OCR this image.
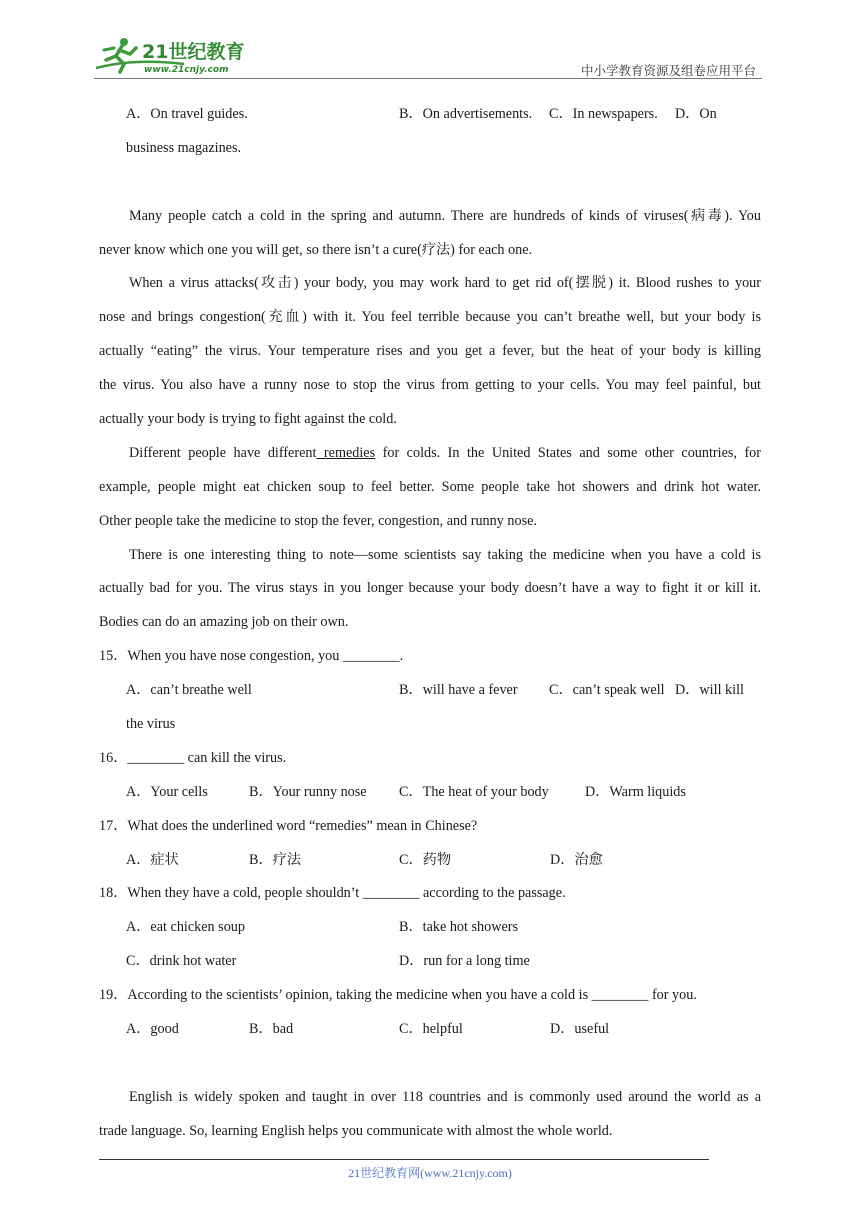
21世纪教育
www.21cnjy.com	中小学教育资源及组卷应用平台
A．On travel guides.	B．On advertisements. C．In newspapers. D．On
business magazines.
Many people catch a cold in the spring and autumn. There are hundreds of kinds of viruses(病毒). You
never know which one you will get, so there isn’t a cure(疗法) for each one.
When a virus attacks(攻击) your body, you may work hard to get rid of(摆脱) it. Blood rushes to your
nose and brings congestion(充血) with it. You feel terrible because you can’t breathe well, but your body is
actually “eating” the virus. Your temperature rises and you get a fever, but the heat of your body is killing
the virus. You also have a runny nose to stop the virus from getting to your cells. You may feel painful, but
actually your body is trying to fight against the cold.
Different people have different remedies for colds. In the United States and some other countries, for
example, people might eat chicken soup to feel better. Some people take hot showers and drink hot water.
Other people take the medicine to stop the fever, congestion, and runny nose.
There is one interesting thing to note—some scientists say taking the medicine when you have a cold is
actually bad for you. The virus stays in you longer because your body doesn’t have a way to fight it or kill it.
Bodies can do an amazing job on their own.
15．When you have nose congestion, you ________.
A．can’t breathe well	B．will have a fever C．can’t speak well D．will kill
the virus
16．________ can kill the virus.
A．Your cells	B．Your runny nose C．The heat of your body	D．Warm liquids
17．What does the underlined word “remedies” mean in Chinese?
A．症状	B．疗法	C．药物	D．治愈
18．When they have a cold, people shouldn’t ________ according to the passage.
A．eat chicken soup	B．take hot showers
C．drink hot water	D．run for a long time
19．According to the scientists’ opinion, taking the medicine when you have a cold is ________ for you.
A．good	B．bad	C．helpful	D．useful
English is widely spoken and taught in over 118 countries and is commonly used around the world as a
trade language. So, learning English helps you communicate with almost the whole world.
21世纪教育网(www.21cnjy.com)
